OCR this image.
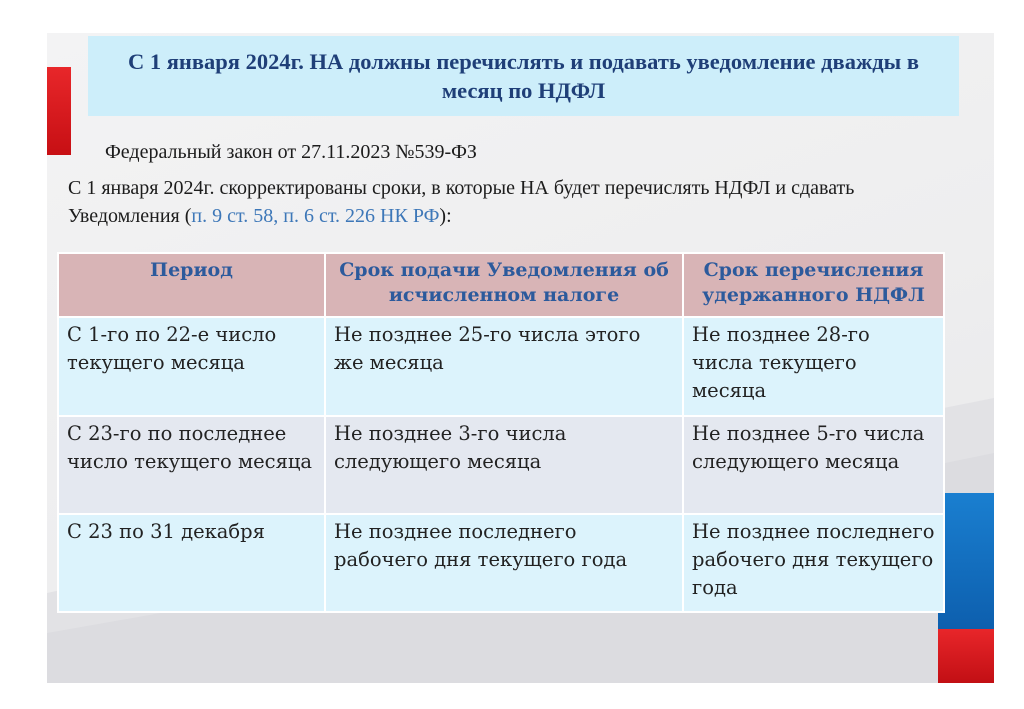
С 1 января 2024г. НА должны перечислять и подавать уведомление дважды в месяц по НДФЛ
Федеральный закон от 27.11.2023 №539-ФЗ
С 1 января 2024г. скорректированы сроки, в которые НА будет перечислять НДФЛ и сдавать Уведомления (п. 9 ст. 58, п. 6 ст. 226 НК РФ):
Период	Срок подачи Уведомления об исчисленном налоге	Срок перечисления удержанного НДФЛ
С 1-го по 22-е число текущего месяца	Не позднее 25-го числа этого же месяца	Не позднее 28-го числа текущего месяца
С 23-го по последнее число текущего месяца	Не позднее 3-го числа следующего месяца	Не позднее 5-го числа следующего месяца
С 23 по 31 декабря	Не позднее последнего рабочего дня текущего года	Не позднее последнего рабочего дня текущего года
